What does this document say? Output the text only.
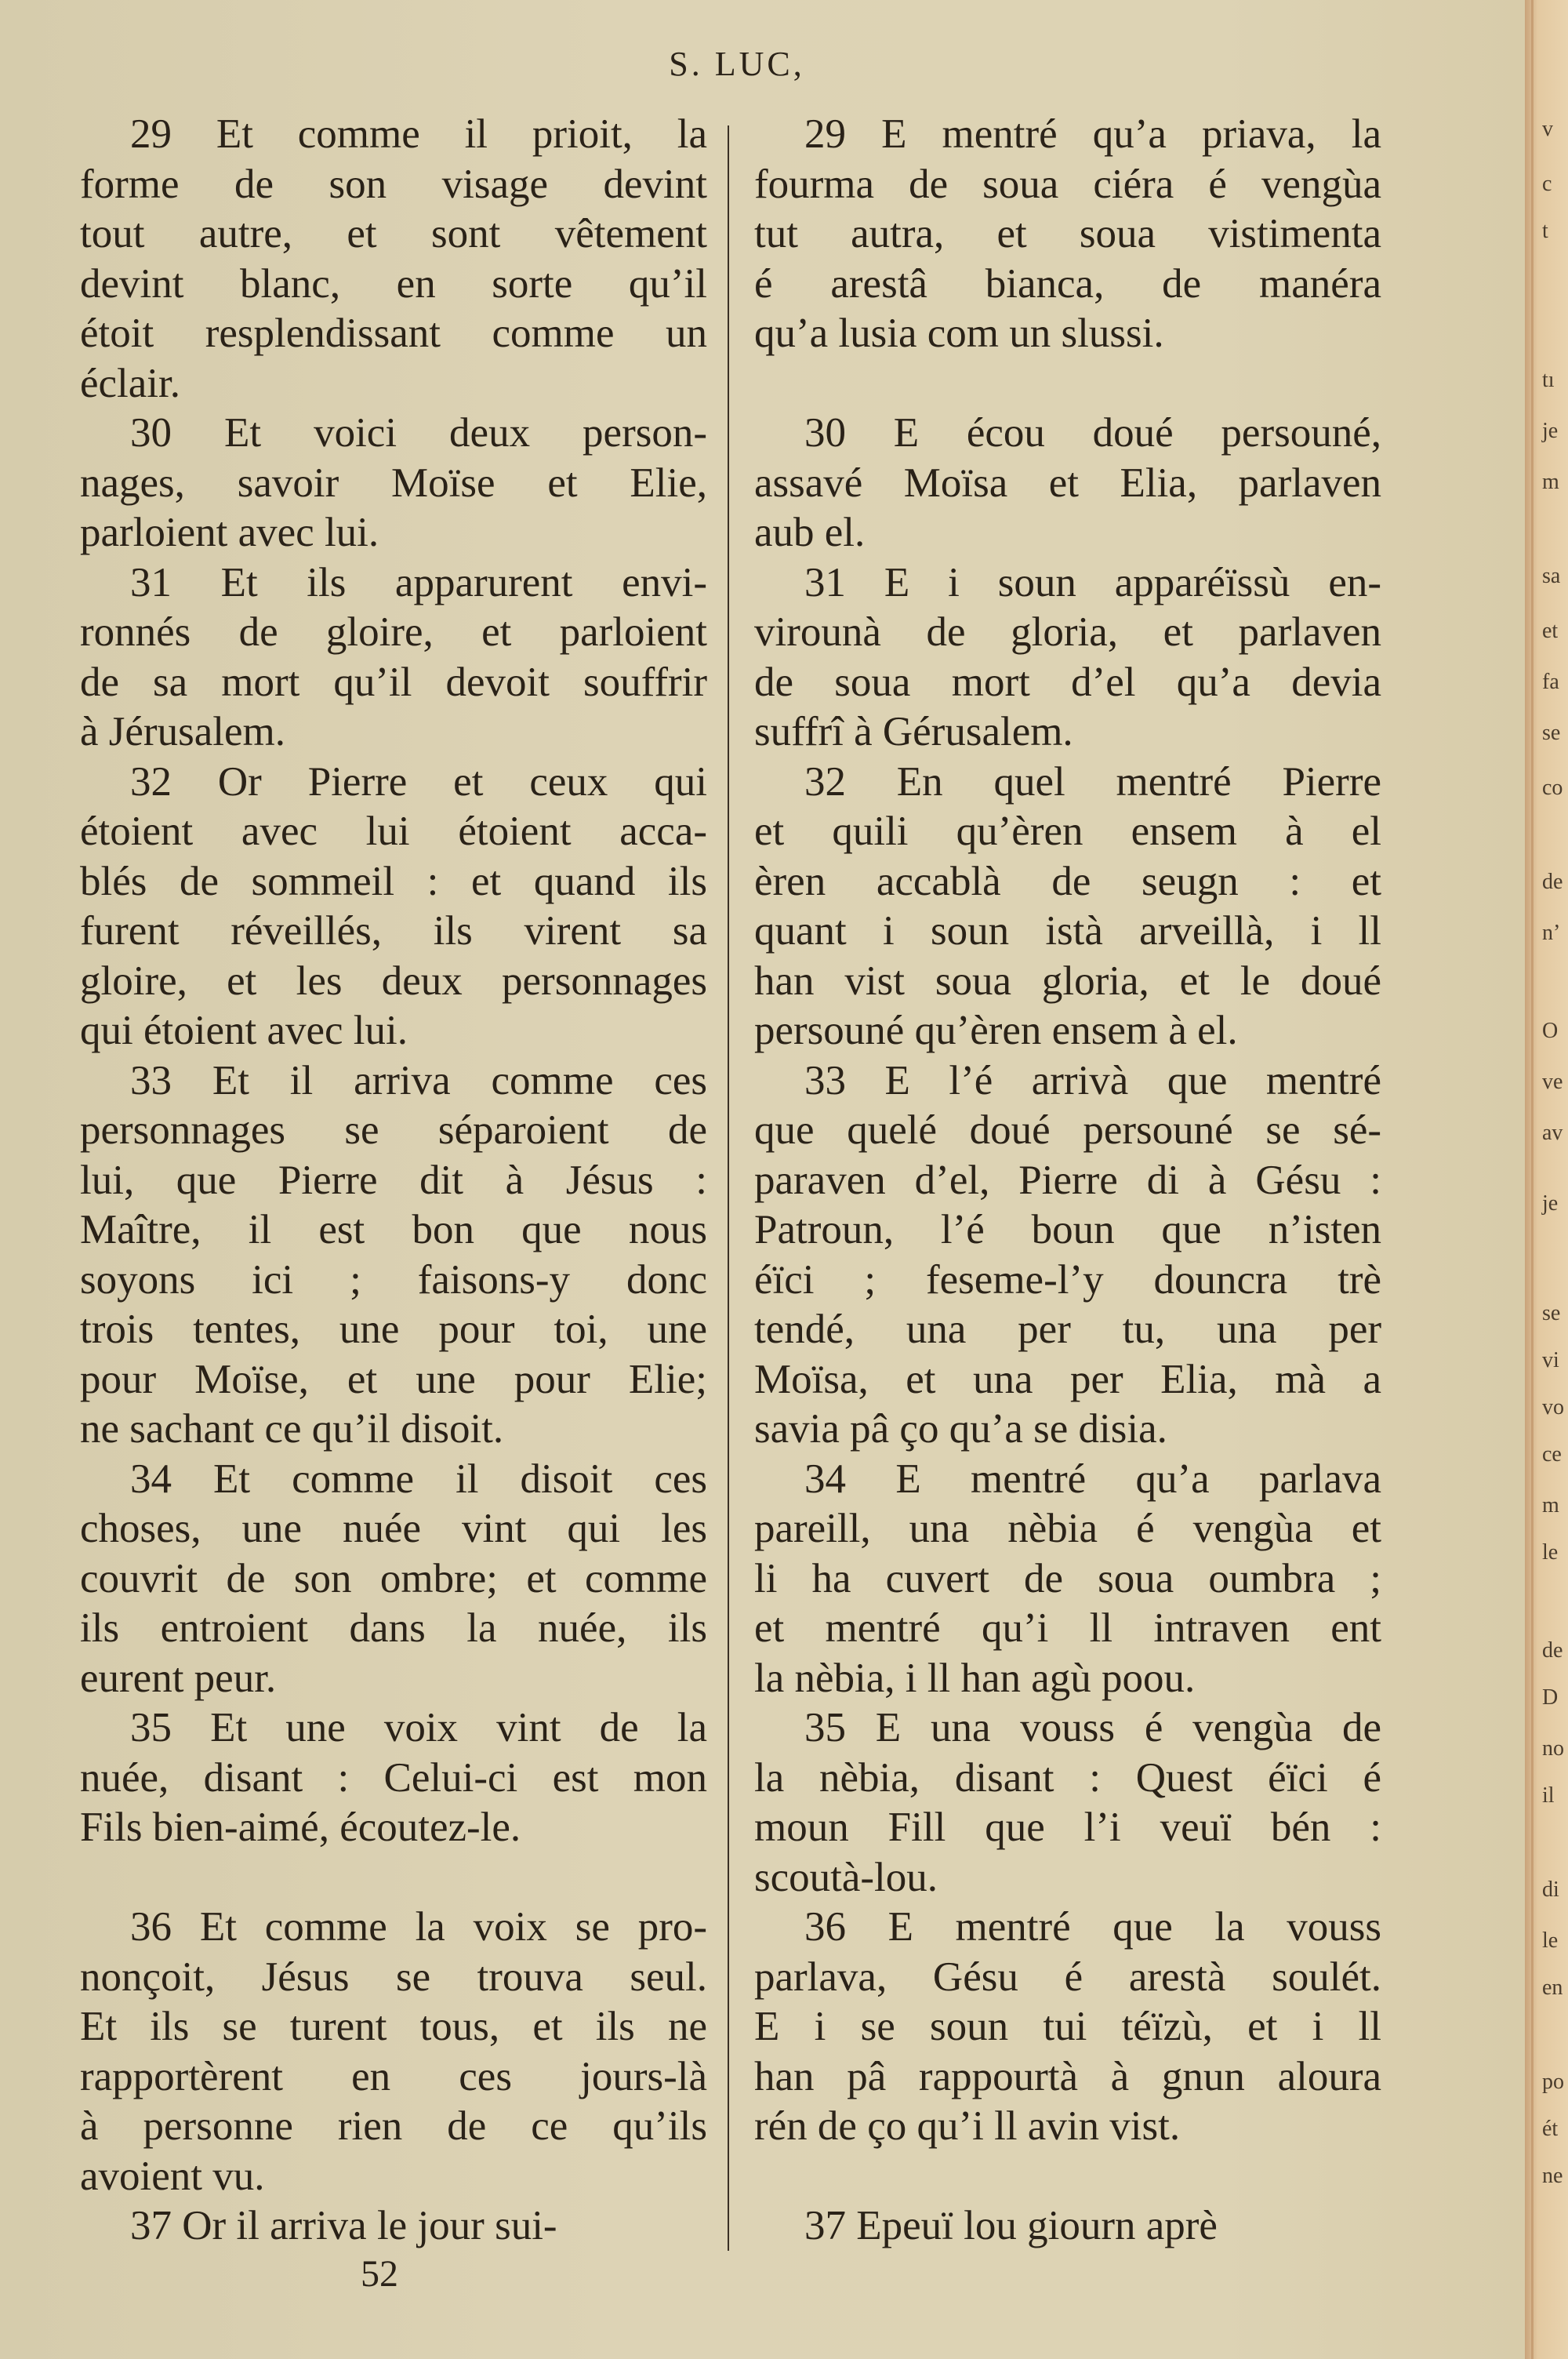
S. LUC,
29 Et comme il prioit, la
forme de son visage devint
tout autre, et sont vêtement
devint blanc, en sorte qu’il
étoit resplendissant comme un
éclair.
30 Et voici deux person-
nages, savoir Moïse et Elie,
parloient avec lui.
31 Et ils apparurent envi-
ronnés de gloire, et parloient
de sa mort qu’il devoit souffrir
à Jérusalem.
32 Or Pierre et ceux qui
étoient avec lui étoient acca-
blés de sommeil : et quand ils
furent réveillés, ils virent sa
gloire, et les deux personnages
qui étoient avec lui.
33 Et il arriva comme ces
personnages se séparoient de
lui, que Pierre dit à Jésus :
Maître, il est bon que nous
soyons ici ; faisons-y donc
trois tentes, une pour toi, une
pour Moïse, et une pour Elie;
ne sachant ce qu’il disoit.
34 Et comme il disoit ces
choses, une nuée vint qui les
couvrit de son ombre; et comme
ils entroient dans la nuée, ils
eurent peur.
35 Et une voix vint de la
nuée, disant : Celui-ci est mon
Fils bien-aimé, écoutez-le.
36 Et comme la voix se pro-
nonçoit, Jésus se trouva seul.
Et ils se turent tous, et ils ne
rapportèrent en ces jours-là
à personne rien de ce qu’ils
avoient vu.
37 Or il arriva le jour sui-
29 E mentré qu’a priava, la
fourma de soua ciéra é vengùa
tut autra, et soua vistimenta
é arestâ bianca, de manéra
qu’a lusia com un slussi.
30 E écou doué persouné,
assavé Moïsa et Elia, parlaven
aub el.
31 E i soun apparéïssù en-
virounà de gloria, et parlaven
de soua mort d’el qu’a devia
suffrî à Gérusalem.
32 En quel mentré Pierre
et quili qu’èren ensem à el
èren accablà de seugn : et
quant i soun istà arveillà, i ll
han vist soua gloria, et le doué
persouné qu’èren ensem à el.
33 E l’é arrivà que mentré
que quelé doué persouné se sé-
paraven d’el, Pierre di à Gésu :
Patroun, l’é boun que n’isten
éïci ; feseme-l’y douncra trè
tendé, una per tu, una per
Moïsa, et una per Elia, mà a
savia pâ ço qu’a se disia.
34 E mentré qu’a parlava
pareill, una nèbia é vengùa et
li ha cuvert de soua oumbra ;
et mentré qu’i ll intraven ent
la nèbia, i ll han agù poou.
35 E una vouss é vengùa de
la nèbia, disant : Quest éïci é
moun Fill que l’i veuï bén :
scoutà-lou.
36 E mentré que la vouss
parlava, Gésu é arestà soulét.
E i se soun tui téïzù, et i ll
han pâ rappourtà à gnun aloura
rén de ço qu’i ll avin vist.
37 Epeuï lou giourn aprè
52
v
c
t
tı
je
m
sa
et
fa
se
co
de
n’
O
ve
av
je
se
vi
vo
ce
m
le
de
D
no
il
di
le
en
po
ét
ne
